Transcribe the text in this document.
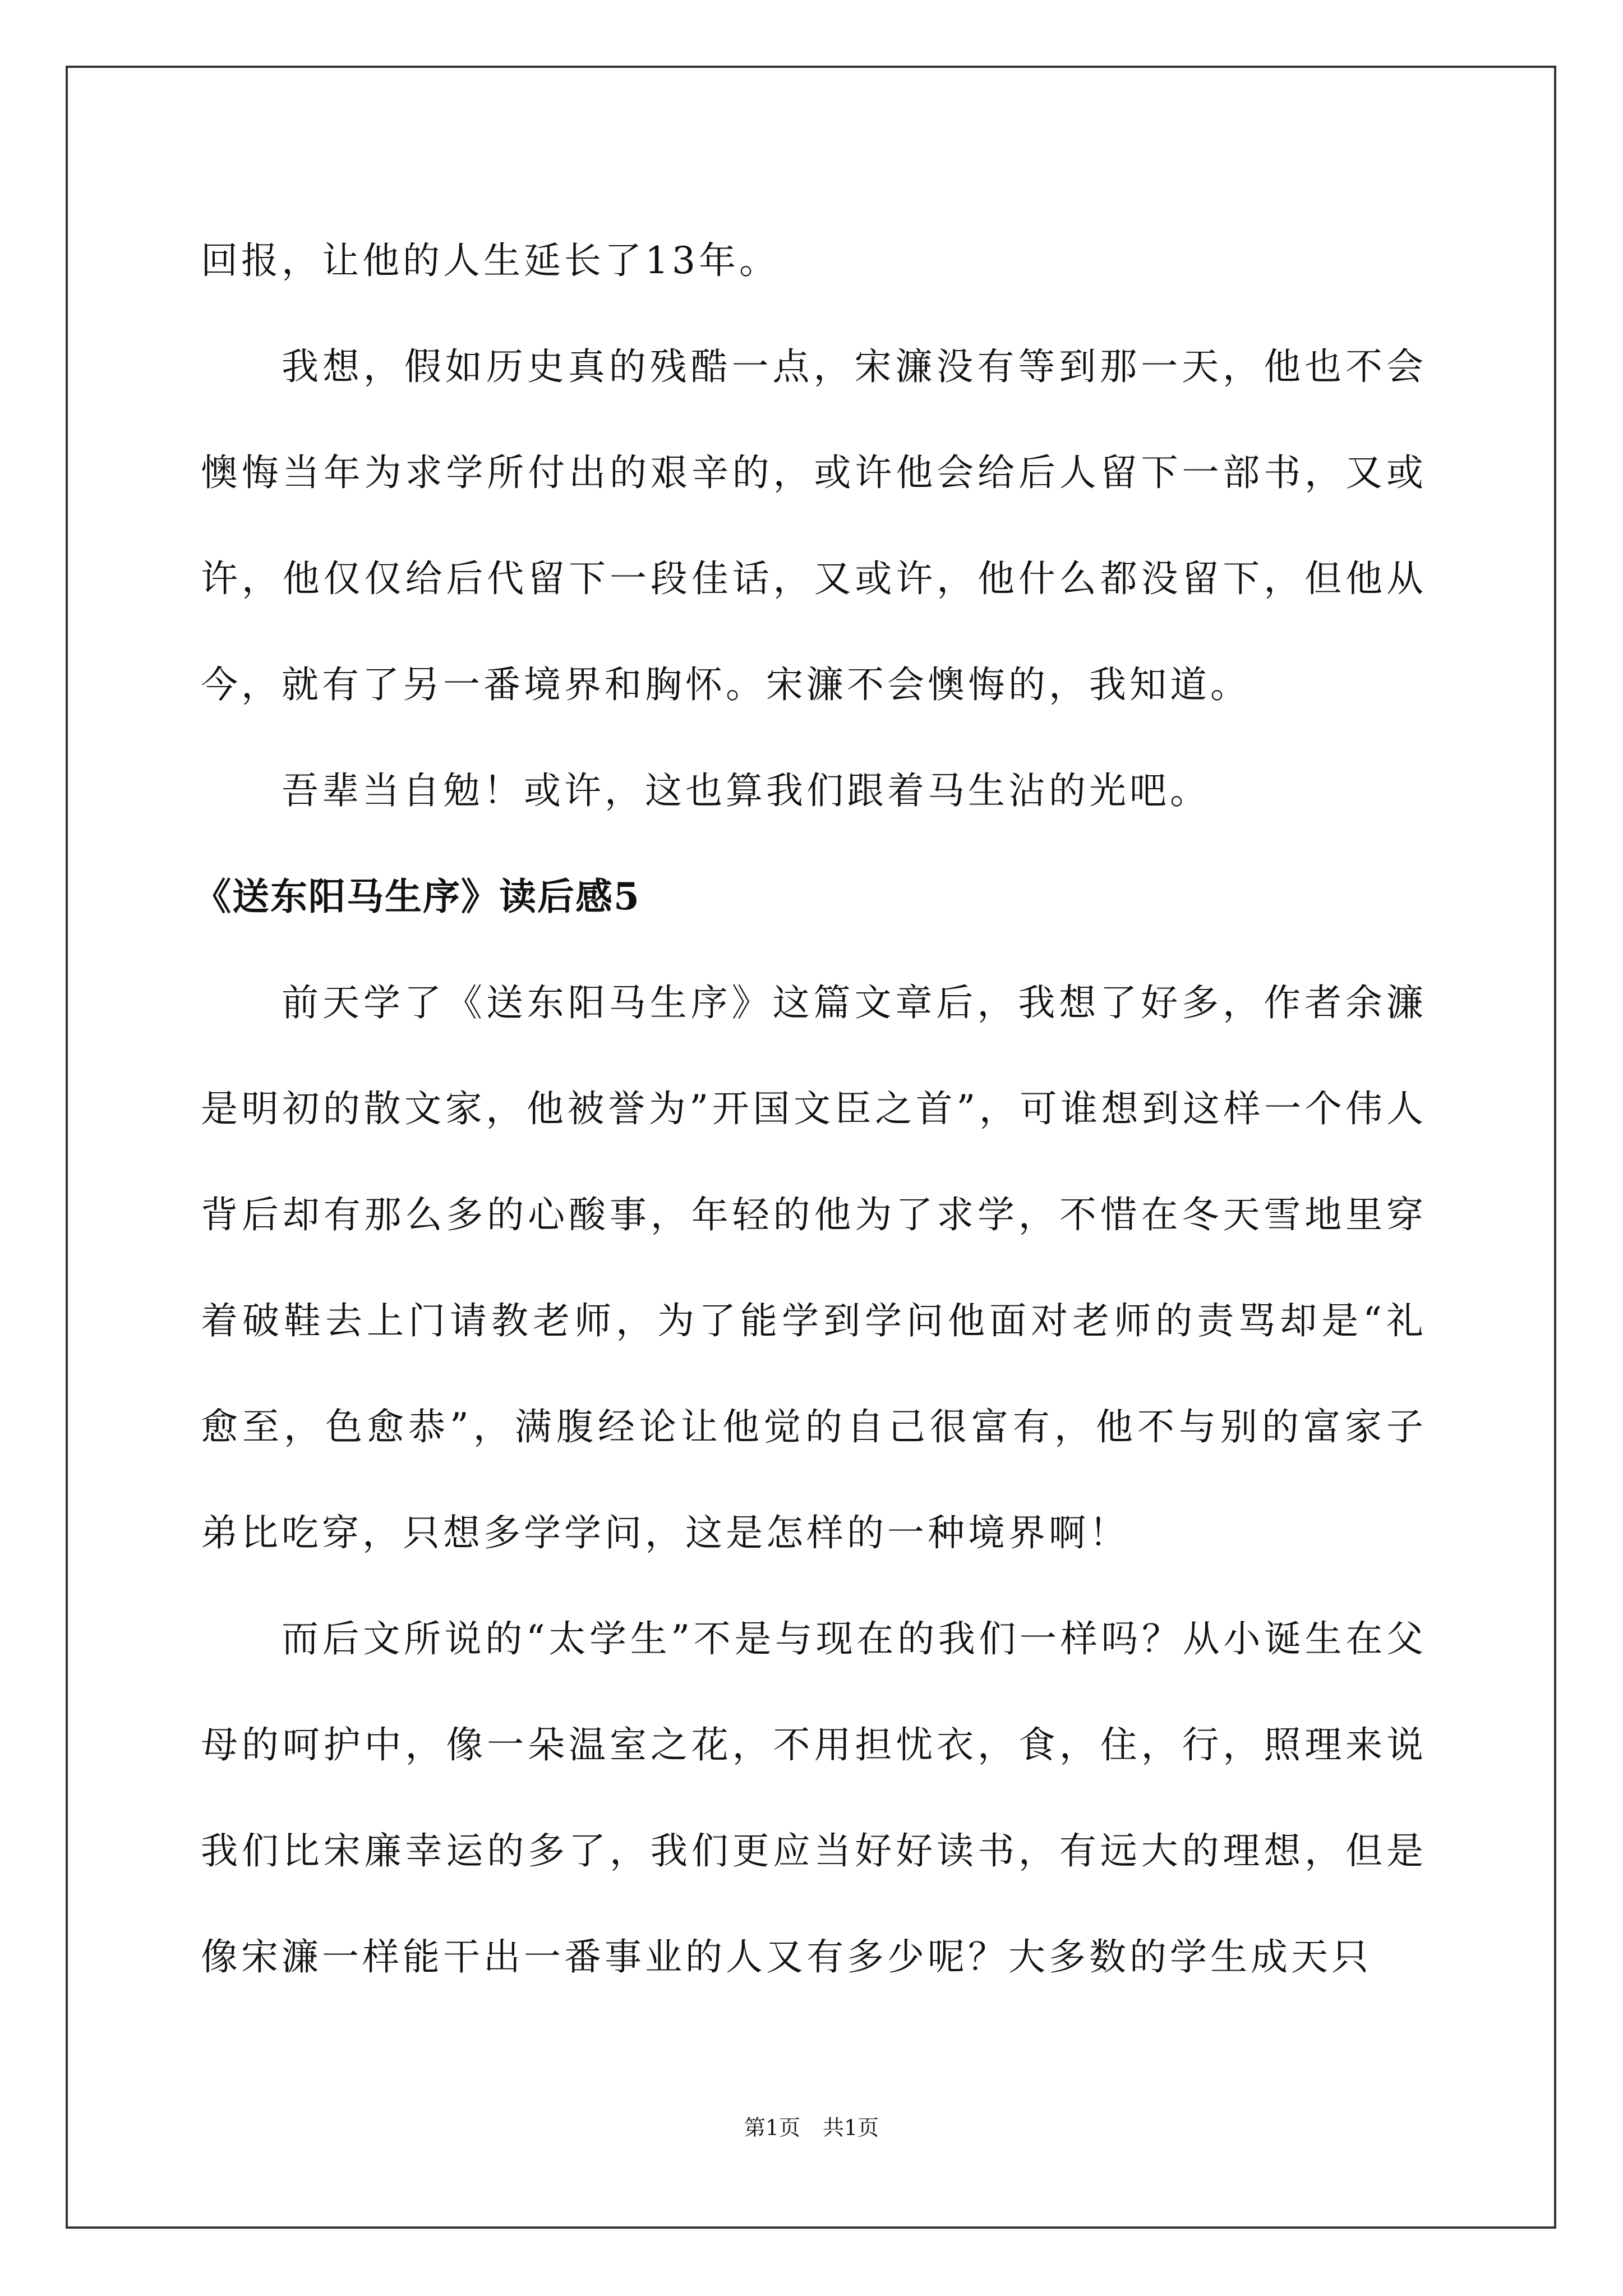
回报，让他的人生延长了13年。

我想，假如历史真的残酷一点，宋濂没有等到那一天，他也不会懊悔当年为求学所付出的艰辛的，或许他会给后人留下一部书，又或许，他仅仅给后代留下一段佳话，又或许，他什么都没留下，但他从今，就有了另一番境界和胸怀。宋濂不会懊悔的，我知道。

吾辈当自勉！或许，这也算我们跟着马生沾的光吧。

《送东阳马生序》读后感5

前天学了《送东阳马生序》这篇文章后，我想了好多，作者余濂是明初的散文家，他被誉为”开国文臣之首”，可谁想到这样一个伟人背后却有那么多的心酸事，年轻的他为了求学，不惜在冬天雪地里穿着破鞋去上门请教老师，为了能学到学问他面对老师的责骂却是“礼愈至，色愈恭”，满腹经论让他觉的自己很富有，他不与别的富家子弟比吃穿，只想多学学问，这是怎样的一种境界啊！

而后文所说的“太学生”不是与现在的我们一样吗？从小诞生在父母的呵护中，像一朵温室之花，不用担忧衣，食，住，行，照理来说我们比宋廉幸运的多了，我们更应当好好读书，有远大的理想，但是像宋濂一样能干出一番事业的人又有多少呢？大多数的学生成天只

第1页 共1页
